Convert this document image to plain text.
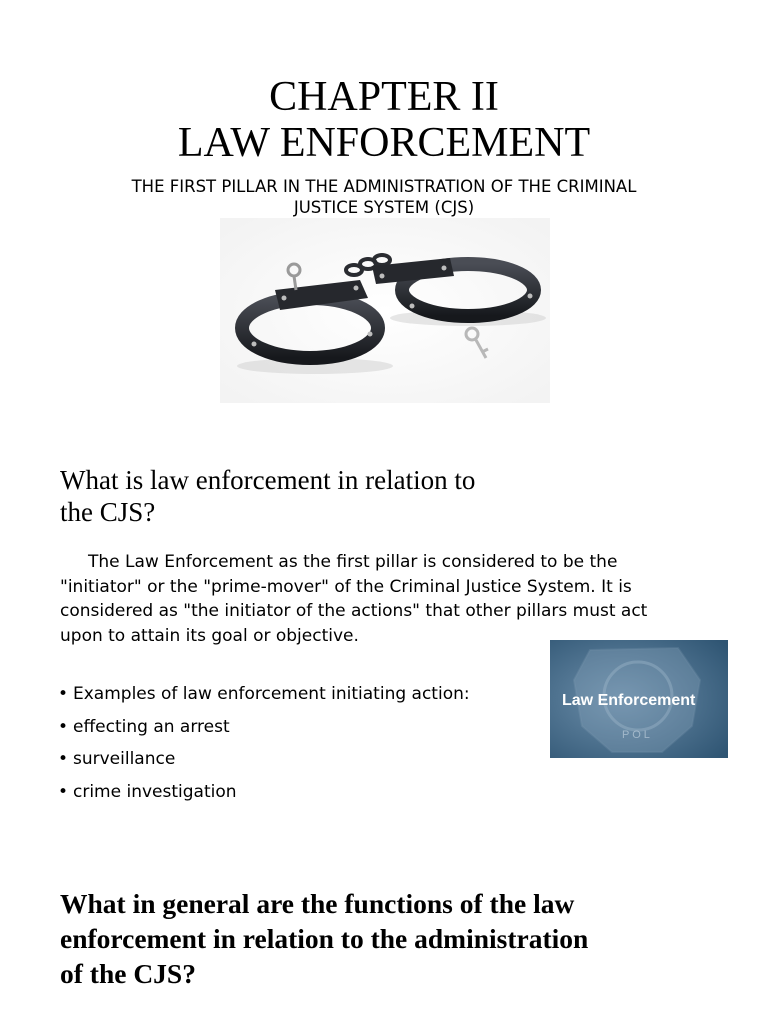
CHAPTER II
LAW ENFORCEMENT
THE FIRST PILLAR IN THE ADMINISTRATION OF THE CRIMINAL
JUSTICE SYSTEM (CJS)
What is law enforcement in relation to
the CJS?
The Law Enforcement as the first pillar is considered to be the
"initiator" or the "prime-mover" of the Criminal Justice System. It is
considered as "the initiator of the actions" that other pillars must act
upon to attain its goal or objective.
P O L
Law Enforcement
• Examples of law enforcement initiating action:
• effecting an arrest
• surveillance
• crime investigation
What in general are the functions of the law
enforcement in relation to the administration
of the CJS?
